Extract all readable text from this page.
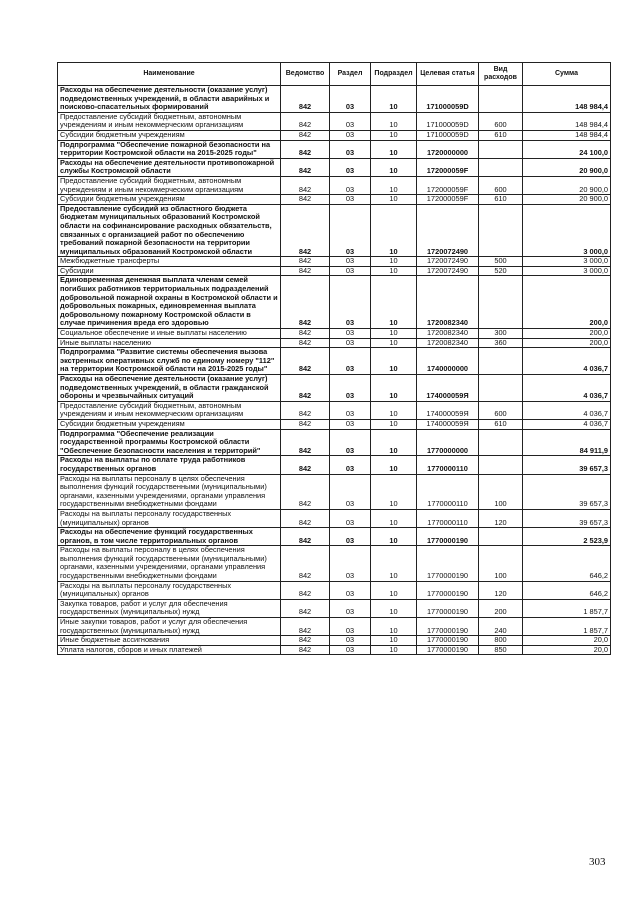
Наименование	Ведомство	Раздел	Подраздел	Целевая статья	Вид расходов	Сумма
Расходы на обеспечение деятельности (оказание услуг) подведомственных учреждений, в области аварийных и поисково-спасательных формирований	842	03	10	171000059D		148 984,4
Предоставление субсидий бюджетным, автономным учреждениям и иным некоммерческим организациям	842	03	10	171000059D	600	148 984,4
Субсидии бюджетным учреждениям	842	03	10	171000059D	610	148 984,4
Подпрограмма "Обеспечение пожарной безопасности на территории Костромской области на 2015-2025 годы"	842	03	10	1720000000		24 100,0
Расходы на обеспечение деятельности противопожарной службы Костромской области	842	03	10	172000059F		20 900,0
Предоставление субсидий бюджетным, автономным учреждениям и иным некоммерческим организациям	842	03	10	172000059F	600	20 900,0
Субсидии бюджетным учреждениям	842	03	10	172000059F	610	20 900,0
Предоставление субсидий из областного бюджета бюджетам муниципальных образований Костромской области на софинансирование расходных обязательств, связанных с организацией работ по обеспечению требований пожарной безопасности на территории муниципальных образований Костромской области	842	03	10	1720072490		3 000,0
Межбюджетные трансферты	842	03	10	1720072490	500	3 000,0
Субсидии	842	03	10	1720072490	520	3 000,0
Единовременная денежная выплата членам семей погибших работников территориальных подразделений добровольной пожарной охраны в Костромской области и добровольных пожарных, единовременная выплата добровольному пожарному Костромской области в случае причинения вреда его здоровью	842	03	10	1720082340		200,0
Социальное обеспечение и иные выплаты населению	842	03	10	1720082340	300	200,0
Иные выплаты населению	842	03	10	1720082340	360	200,0
Подпрограмма "Развитие системы обеспечения вызова экстренных оперативных служб по единому номеру "112" на территории Костромской области на 2015-2025 годы"	842	03	10	1740000000		4 036,7
Расходы на обеспечение деятельности (оказание услуг) подведомственных учреждений, в области гражданской обороны и чрезвычайных ситуаций	842	03	10	174000059Я		4 036,7
Предоставление субсидий бюджетным, автономным учреждениям и иным некоммерческим организациям	842	03	10	174000059Я	600	4 036,7
Субсидии бюджетным учреждениям	842	03	10	174000059Я	610	4 036,7
Подпрограмма "Обеспечение реализации государственной программы Костромской области "Обеспечение безопасности населения и территорий"	842	03	10	1770000000		84 911,9
Расходы на выплаты по оплате труда работников государственных органов	842	03	10	1770000110		39 657,3
Расходы на выплаты персоналу в целях обеспечения выполнения функций государственными (муниципальными) органами, казенными учреждениями, органами управления государственными внебюджетными фондами	842	03	10	1770000110	100	39 657,3
Расходы на выплаты персоналу государственных (муниципальных) органов	842	03	10	1770000110	120	39 657,3
Расходы на обеспечение функций государственных органов, в том числе территориальных органов	842	03	10	1770000190		2 523,9
Расходы на выплаты персоналу в целях обеспечения выполнения функций государственными (муниципальными) органами, казенными учреждениями, органами управления государственными внебюджетными фондами	842	03	10	1770000190	100	646,2
Расходы на выплаты персоналу государственных (муниципальных) органов	842	03	10	1770000190	120	646,2
Закупка товаров, работ и услуг для обеспечения государственных (муниципальных) нужд	842	03	10	1770000190	200	1 857,7
Иные закупки товаров, работ и услуг для обеспечения государственных (муниципальных) нужд	842	03	10	1770000190	240	1 857,7
Иные бюджетные ассигнования	842	03	10	1770000190	800	20,0
Уплата налогов, сборов и иных платежей	842	03	10	1770000190	850	20,0
303
